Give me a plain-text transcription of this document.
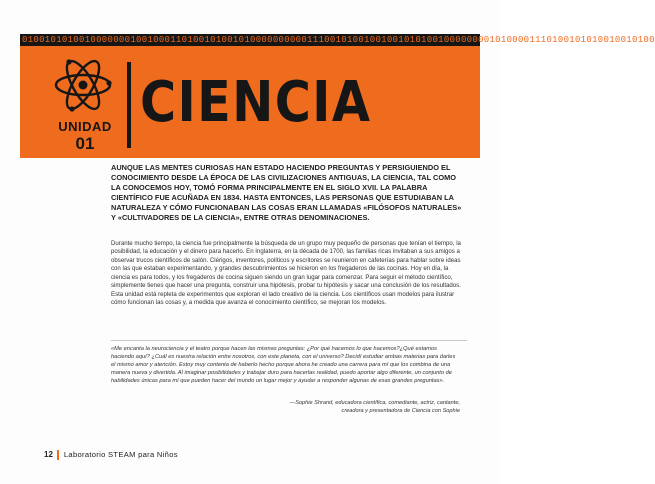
010010101001000000010010001101001010010100000000001110010100100100101010010000000010100001110100101010010010100
UNIDAD
01
CIENCIA

AUNQUE LAS MENTES CURIOSAS HAN ESTADO HACIENDO PREGUNTAS Y PERSIGUIENDO EL CONOCIMIENTO DESDE LA ÉPOCA DE LAS CIVILIZACIONES ANTIGUAS, LA CIENCIA, TAL COMO LA CONOCEMOS HOY, TOMÓ FORMA PRINCIPALMENTE EN EL SIGLO XVII. LA PALABRA CIENTÍFICO FUE ACUÑADA EN 1834. HASTA ENTONCES, LAS PERSONAS QUE ESTUDIABAN LA NATURALEZA Y CÓMO FUNCIONABAN LAS COSAS ERAN LLAMADAS «FILÓSOFOS NATURALES» Y «CULTIVADORES DE LA CIENCIA», ENTRE OTRAS DENOMINACIONES.

Durante mucho tiempo, la ciencia fue principalmente la búsqueda de un grupo muy pequeño de personas que tenían el tiempo, la posibilidad, la educación y el dinero para hacerlo. En Inglaterra, en la década de 1700, las familias ricas invitaban a sus amigos a observar trucos científicos de salón. Clérigos, inventores, políticos y escritores se reunieron en cafeterías para hablar sobre ideas con las que estaban experimentando, y grandes descubrimientos se hicieron en los fregaderos de las cocinas. Hoy en día, la ciencia es para todos, y los fregaderos de cocina siguen siendo un gran lugar para comenzar. Para seguir el método científico, simplemente tienes que hacer una pregunta, construir una hipótesis, probar tu hipótesis y sacar una conclusión de los resultados. Esta unidad está repleta de experimentos que exploran el lado creativo de la ciencia. Los científicos usan modelos para ilustrar cómo funcionan las cosas y, a medida que avanza el conocimiento científico, se mejoran los modelos.

«Me encanta la neurociencia y el teatro porque hacen las mismas preguntas: ¿Por qué hacemos lo que hacemos?¿Qué estamos haciendo aquí? ¿Cuál es nuestra relación entre nosotros, con este planeta, con el universo? Decidí estudiar ambas materias para darles el mismo amor y atención. Estoy muy contenta de haberlo hecho porque ahora he creado una carrera para mí que los combina de una manera nueva y divertida. Al imaginar posibilidades y trabajar duro para hacerlas realidad, puedo aportar algo diferente, un conjunto de habilidades únicas para mí que pueden hacer del mundo un lugar mejor y ayudar a responder algunas de esas grandes preguntas».

—Sophie Shrand, educadora científica, comediante, actriz, cantante,
creadora y presentadora de Ciencia con Sophie
12 Laboratorio STEAM para Niños
